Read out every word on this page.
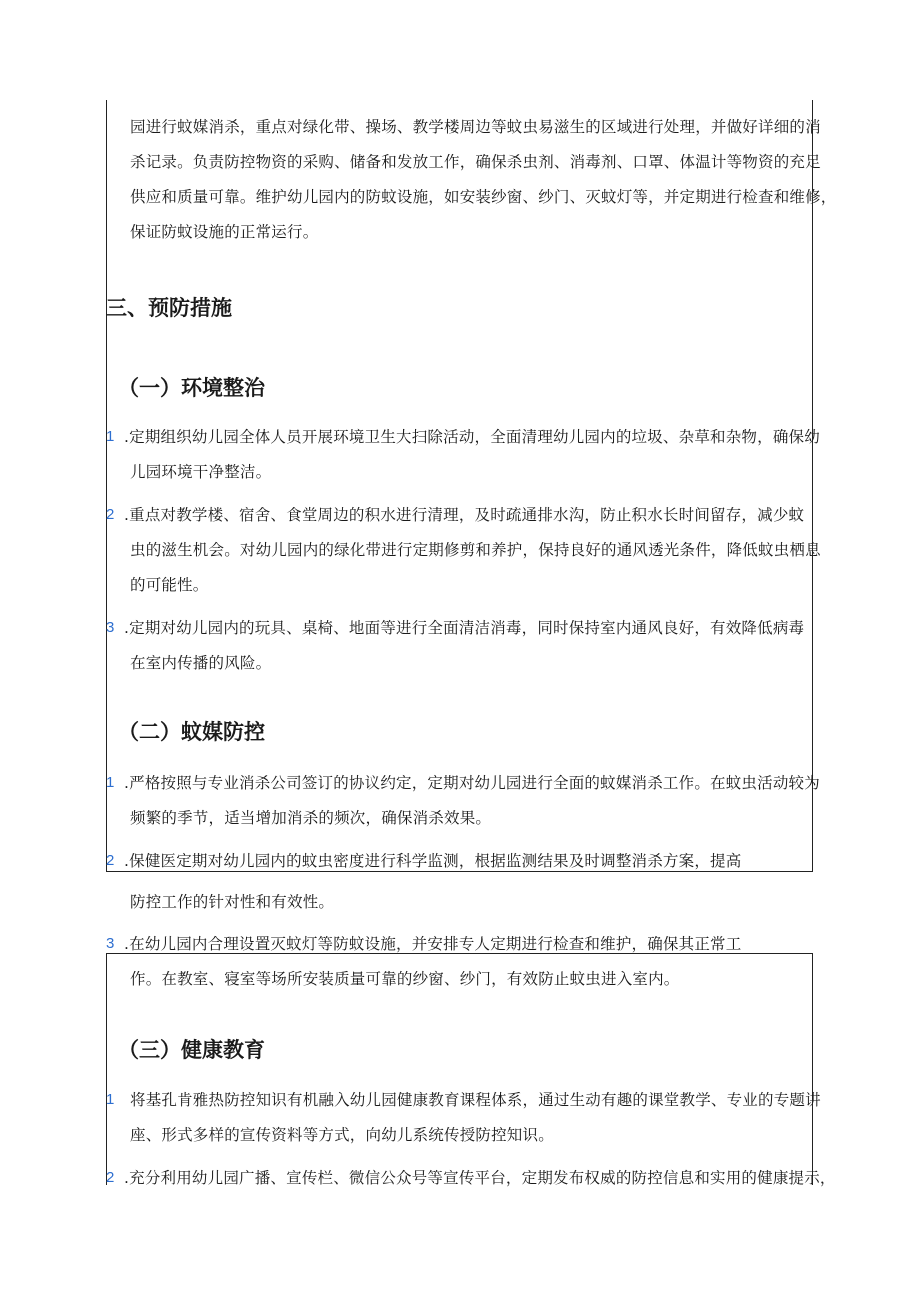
园进行蚊媒消杀，重点对绿化带、操场、教学楼周边等蚊虫易滋生的区域进行处理，并做好详细的消

杀记录。负责防控物资的采购、储备和发放工作，确保杀虫剂、消毒剂、口罩、体温计等物资的充足

供应和质量可靠。维护幼儿园内的防蚊设施，如安装纱窗、纱门、灭蚊灯等，并定期进行检查和维修，

保证防蚊设施的正常运行。

三、预防措施
（一）环境整治
1 .定期组织幼儿园全体人员开展环境卫生大扫除活动，全面清理幼儿园内的垃圾、杂草和杂物，确保幼

儿园环境干净整洁。

2 .重点对教学楼、宿舍、食堂周边的积水进行清理，及时疏通排水沟，防止积水长时间留存，减少蚊

虫的滋生机会。对幼儿园内的绿化带进行定期修剪和养护，保持良好的通风透光条件，降低蚊虫栖息

的可能性。

3 .定期对幼儿园内的玩具、桌椅、地面等进行全面清洁消毒，同时保持室内通风良好，有效降低病毒

在室内传播的风险。

（二）蚊媒防控
1 .严格按照与专业消杀公司签订的协议约定，定期对幼儿园进行全面的蚊媒消杀工作。在蚊虫活动较为

频繁的季节，适当增加消杀的频次，确保消杀效果。

2 .保健医定期对幼儿园内的蚊虫密度进行科学监测，根据监测结果及时调整消杀方案，提高

防控工作的针对性和有效性。

3 .在幼儿园内合理设置灭蚊灯等防蚊设施，并安排专人定期进行检查和维护，确保其正常工

作。在教室、寝室等场所安装质量可靠的纱窗、纱门，有效防止蚊虫进入室内。

（三）健康教育
1 将基孔肯雅热防控知识有机融入幼儿园健康教育课程体系，通过生动有趣的课堂教学、专业的专题讲

座、形式多样的宣传资料等方式，向幼儿系统传授防控知识。

2 .充分利用幼儿园广播、宣传栏、微信公众号等宣传平台，定期发布权威的防控信息和实用的健康提示，
